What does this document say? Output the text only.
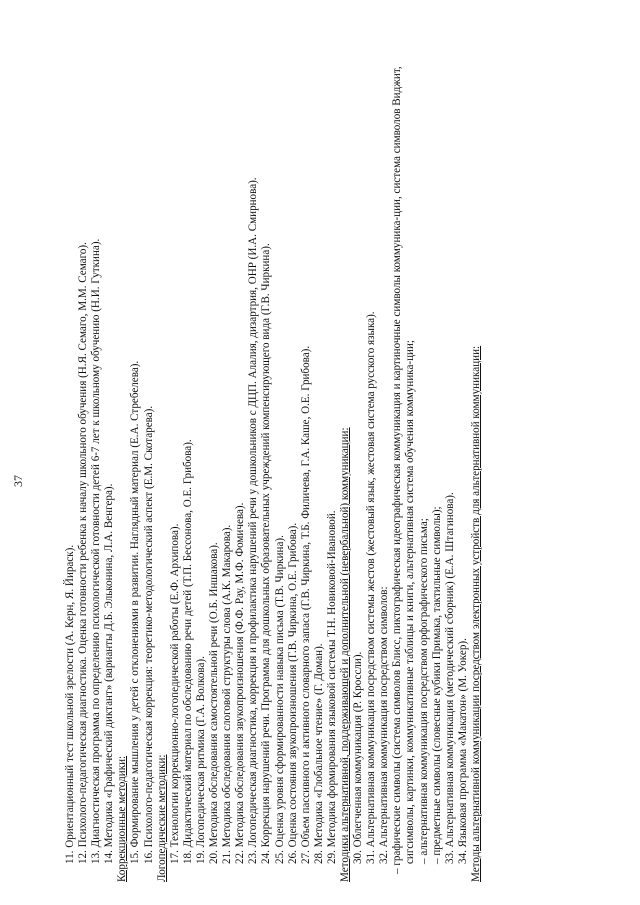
37
11. Ориентационный тест школьной зрелости (А. Керн, Я. Йираск). 12. Психолого-педагогическая диагностика. Оценка готовности ребенка к началу школьного обучения (Н.Я. Семаго, М.М. Семаго). 13. Диагностическая программа по определению психологической готовности детей 6-7 лет к школьному обучению (Н.И. Гуткина). 14. Методика «Графический диктант» (варианты Д.Б. Эльконина, Л.А. Венгера). Коррекционные методики: 15. Формирование мышления у детей с отклонениями в развитии. Наглядный материал (Е.А. Стребелева). 16. Психолого-педагогическая коррекция: теоретико-методологический аспект (Е.М. Скотарева). Логопедические методики: 17. Технологии коррекционно-логопедической работы (Е.Ф. Архипова). 18. Дидактический материал по обследованию речи детей (Т.П. Бессонова, О.Е. Грибова). 19. Логопедическая ритмика (Г.А. Волкова). 20. Методика обследования самостоятельной речи (О.Б. Иншакова). 21. Методика обследования слоговой структуры слова (А.К. Макарова). 22. Методика обследования звукопроизношения (Ф.Ф. Рау, М.Ф. Фомичева). 23. Логопедическая диагностика, коррекция и профилактика нарушений речи у дошкольников с ДЦП. Алалия, дизартрия, ОНР (И.А. Смирнова). 24. Коррекция нарушений речи. Программа для дошкольных образовательных учреждений компенсирующего вида (Г.В. Чиркина). 25. Оценка уровня сформированности навыка письма (Т.В. Чиркина). 26. Оценка состояния звукопроизношения (Г.В. Чиркина, О.Е. Грибова). 27. Объем пассивного и активного словарного запаса (Г.В. Чиркина, Т.Б. Филичева, Г.А. Каше, О.Е. Грибова). 28. Методика «Глобальное чтение» (Г. Доман). 29. Методика формирования языковой системы Т.Н. Новиковой-Ивановой. Методики альтернативной, поддерживающей и дополнительной (невербальной) коммуникации: 30. Облегченная коммуникация (Р. Кроссли). 31. Альтернативная коммуникация посредством системы жестов (жестовый язык, жестовая система русского языка). 32. Альтернативная коммуникация посредством символов: – графические символы (система символов Блисс, пиктографическая идеографическая коммуникация и картиночные символы коммуника-ции, система символов Виджит, сигсимволы, картинки, коммуникативные таблицы и книги, альтернативная система обучения коммуника-ции; – альтернативная коммуникация посредством орфографического письма; – предметные символы (словесные кубики Примака, тактильные символы); 33. Альтернативная коммуникация (методический сборник) (Е.А. Штагинова). 34. Языковая программа «Макатон» (М. Уокер). Методы альтернативной коммуникации посредством электронных устройств для альтернативной коммуникации:
